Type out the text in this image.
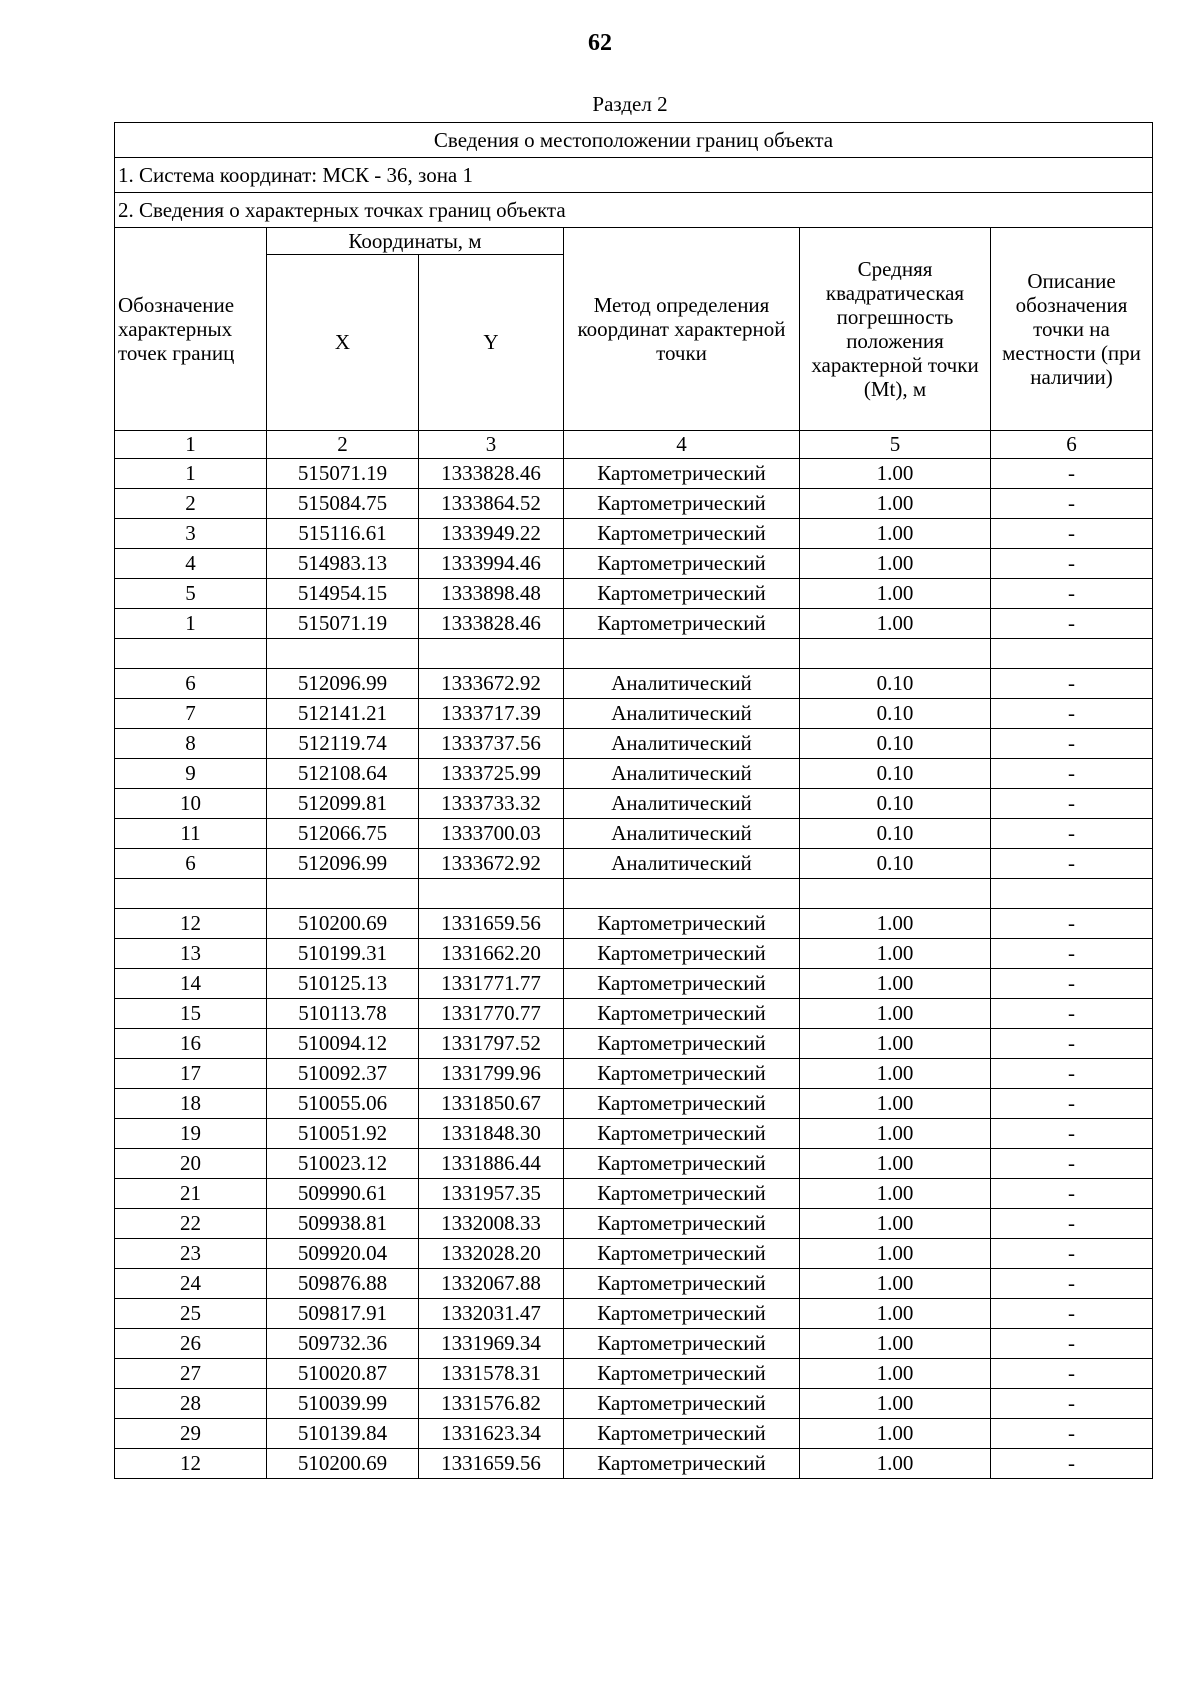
62
Раздел 2
Сведения о местоположении границ объекта					
1. Система координат: МСК - 36, зона 1					
2. Сведения о характерных точках границ объекта					
Обозначение характерных точек границ	Координаты, м		Метод определения координат характерной точки	Средняя квадратическая погрешность положения характерной точки (Mt), м	Описание обозначения точки на местности (при наличии)
	X	Y			
1	2	3	4	5	6
1	515071.19	1333828.46	Картометрический	1.00	-
2	515084.75	1333864.52	Картометрический	1.00	-
3	515116.61	1333949.22	Картометрический	1.00	-
4	514983.13	1333994.46	Картометрический	1.00	-
5	514954.15	1333898.48	Картометрический	1.00	-
1	515071.19	1333828.46	Картометрический	1.00	-

6	512096.99	1333672.92	Аналитический	0.10	-
7	512141.21	1333717.39	Аналитический	0.10	-
8	512119.74	1333737.56	Аналитический	0.10	-
9	512108.64	1333725.99	Аналитический	0.10	-
10	512099.81	1333733.32	Аналитический	0.10	-
11	512066.75	1333700.03	Аналитический	0.10	-
6	512096.99	1333672.92	Аналитический	0.10	-

12	510200.69	1331659.56	Картометрический	1.00	-
13	510199.31	1331662.20	Картометрический	1.00	-
14	510125.13	1331771.77	Картометрический	1.00	-
15	510113.78	1331770.77	Картометрический	1.00	-
16	510094.12	1331797.52	Картометрический	1.00	-
17	510092.37	1331799.96	Картометрический	1.00	-
18	510055.06	1331850.67	Картометрический	1.00	-
19	510051.92	1331848.30	Картометрический	1.00	-
20	510023.12	1331886.44	Картометрический	1.00	-
21	509990.61	1331957.35	Картометрический	1.00	-
22	509938.81	1332008.33	Картометрический	1.00	-
23	509920.04	1332028.20	Картометрический	1.00	-
24	509876.88	1332067.88	Картометрический	1.00	-
25	509817.91	1332031.47	Картометрический	1.00	-
26	509732.36	1331969.34	Картометрический	1.00	-
27	510020.87	1331578.31	Картометрический	1.00	-
28	510039.99	1331576.82	Картометрический	1.00	-
29	510139.84	1331623.34	Картометрический	1.00	-
12	510200.69	1331659.56	Картометрический	1.00	-
